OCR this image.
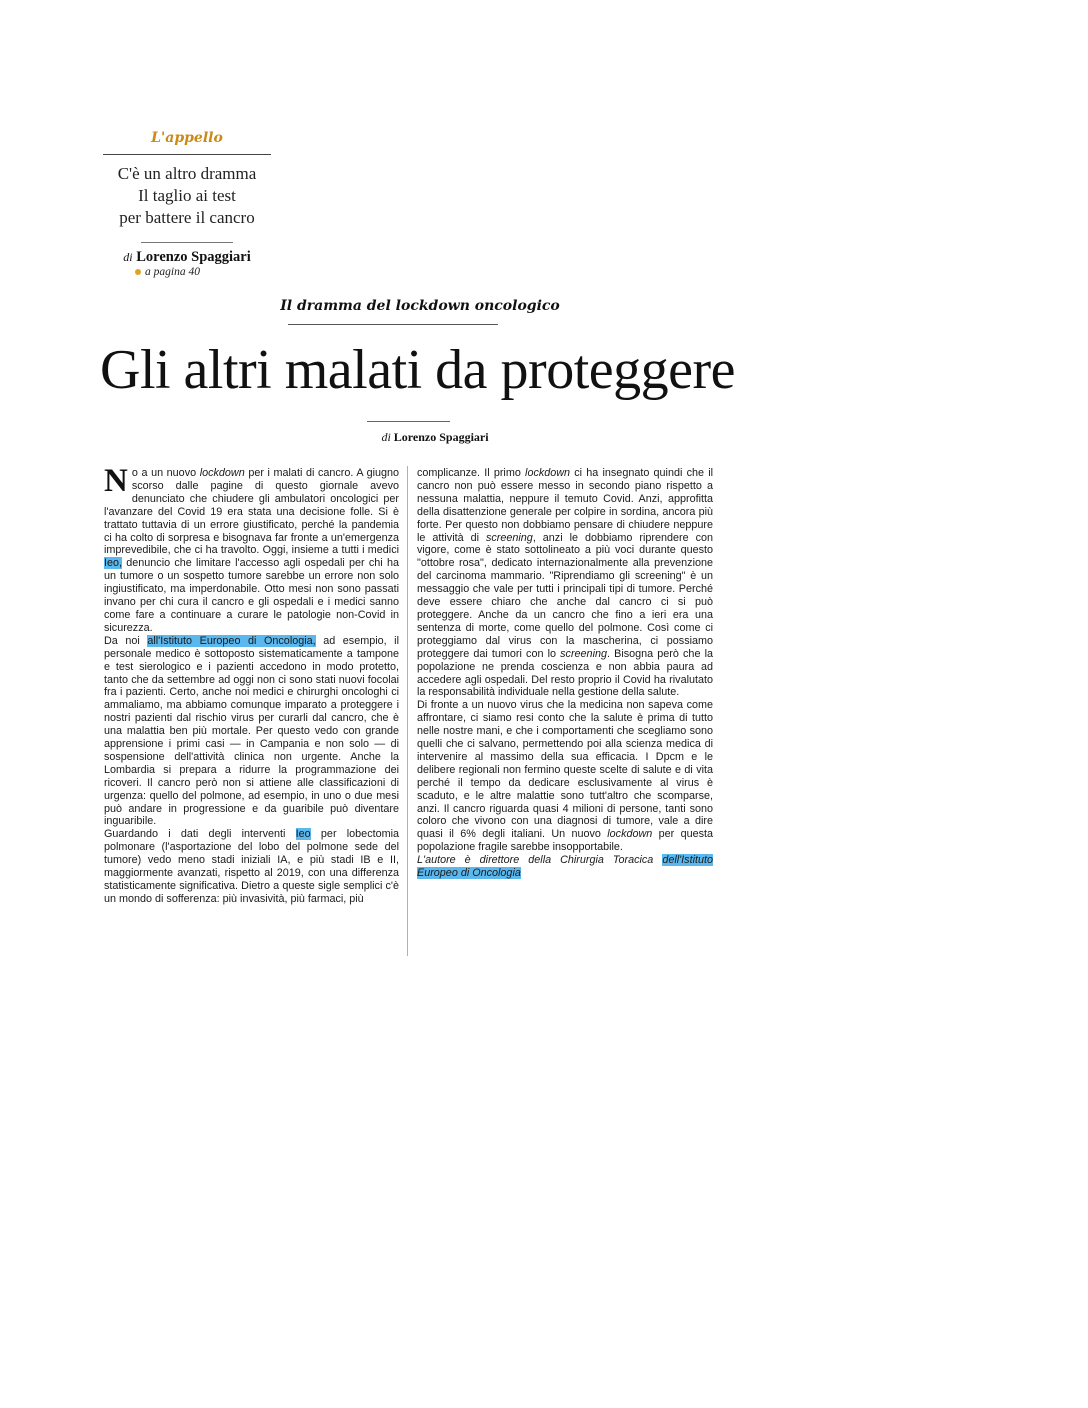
L'appello
C'è un altro dramma
Il taglio ai test
per battere il cancro
di Lorenzo Spaggiari
a pagina 40
Il dramma del lockdown oncologico
Gli altri malati da proteggere
di Lorenzo Spaggiari

No a un nuovo lockdown per i malati di cancro. A giugno scorso dalle pagine di questo giornale avevo denunciato che chiudere gli ambulatori oncologici per l'avanzare del Covid 19 era stata una decisione folle. Si è trattato tuttavia di un errore giustificato, perché la pandemia ci ha colto di sorpresa e bisognava far fronte a un'emergenza imprevedibile, che ci ha travolto. Oggi, insieme a tutti i medici Ieo, denuncio che limitare l'accesso agli ospedali per chi ha un tumore o un sospetto tumore sarebbe un errore non solo ingiustificato, ma imperdonabile. Otto mesi non sono passati invano per chi cura il cancro e gli ospedali e i medici sanno come fare a continuare a curare le patologie non-Covid in sicurezza.

Da noi all'Istituto Europeo di Oncologia, ad esempio, il personale medico è sottoposto sistematicamente a tampone e test sierologico e i pazienti accedono in modo protetto, tanto che da settembre ad oggi non ci sono stati nuovi focolai fra i pazienti. Certo, anche noi medici e chirurghi oncologhi ci ammaliamo, ma abbiamo comunque imparato a proteggere i nostri pazienti dal rischio virus per curarli dal cancro, che è una malattia ben più mortale. Per questo vedo con grande apprensione i primi casi — in Campania e non solo — di sospensione dell'attività clinica non urgente. Anche la Lombardia si prepara a ridurre la programmazione dei ricoveri. Il cancro però non si attiene alle classificazioni di urgenza: quello del polmone, ad esempio, in uno o due mesi può andare in progressione e da guaribile può diventare inguaribile.

Guardando i dati degli interventi Ieo per lobectomia polmonare (l'asportazione del lobo del polmone sede del tumore) vedo meno stadi iniziali IA, e più stadi IB e II, maggiormente avanzati, rispetto al 2019, con una differenza statisticamente significativa. Dietro a queste sigle semplici c'è un mondo di sofferenza: più invasività, più farmaci, più

complicanze. Il primo lockdown ci ha insegnato quindi che il cancro non può essere messo in secondo piano rispetto a nessuna malattia, neppure il temuto Covid. Anzi, approfitta della disattenzione generale per colpire in sordina, ancora più forte. Per questo non dobbiamo pensare di chiudere neppure le attività di screening, anzi le dobbiamo riprendere con vigore, come è stato sottolineato a più voci durante questo "ottobre rosa", dedicato internazionalmente alla prevenzione del carcinoma mammario. "Riprendiamo gli screening" è un messaggio che vale per tutti i principali tipi di tumore. Perché deve essere chiaro che anche dal cancro ci si può proteggere. Anche da un cancro che fino a ieri era una sentenza di morte, come quello del polmone. Così come ci proteggiamo dal virus con la mascherina, ci possiamo proteggere dai tumori con lo screening. Bisogna però che la popolazione ne prenda coscienza e non abbia paura ad accedere agli ospedali. Del resto proprio il Covid ha rivalutato la responsabilità individuale nella gestione della salute.

Di fronte a un nuovo virus che la medicina non sapeva come affrontare, ci siamo resi conto che la salute è prima di tutto nelle nostre mani, e che i comportamenti che scegliamo sono quelli che ci salvano, permettendo poi alla scienza medica di intervenire al massimo della sua efficacia. I Dpcm e le delibere regionali non fermino queste scelte di salute e di vita perché il tempo da dedicare esclusivamente al virus è scaduto, e le altre malattie sono tutt'altro che scomparse, anzi. Il cancro riguarda quasi 4 milioni di persone, tanti sono coloro che vivono con una diagnosi di tumore, vale a dire quasi il 6% degli italiani. Un nuovo lockdown per questa popolazione fragile sarebbe insopportabile.

L'autore è direttore della Chirurgia Toracica dell'Istituto Europeo di Oncologia
